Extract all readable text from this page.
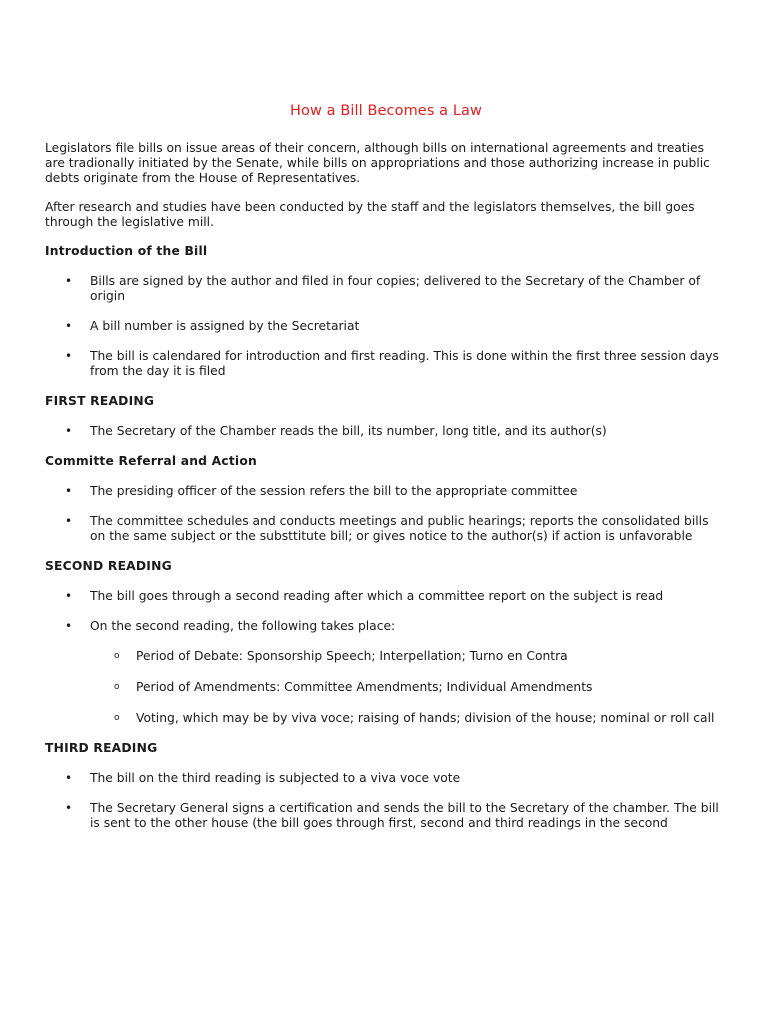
How a Bill Becomes a Law

Legislators file bills on issue areas of their concern, although bills on international agreements and treaties are tradionally initiated by the Senate, while bills on appropriations and those authorizing increase in public debts originate from the House of Representatives.

After research and studies have been conducted by the staff and the legislators themselves, the bill goes through the legislative mill.

Introduction of the Bill
• Bills are signed by the author and filed in four copies; delivered to the Secretary of the Chamber of origin
• A bill number is assigned by the Secretariat
• The bill is calendared for introduction and first reading. This is done within the first three session days from the day it is filed
FIRST READING
• The Secretary of the Chamber reads the bill, its number, long title, and its author(s)
Committe Referral and Action
• The presiding officer of the session refers the bill to the appropriate committee
• The committee schedules and conducts meetings and public hearings; reports the consolidated bills on the same subject or the substtitute bill; or gives notice to the author(s) if action is unfavorable
SECOND READING
• The bill goes through a second reading after which a committee report on the subject is read
• On the second reading, the following takes place:
o Period of Debate: Sponsorship Speech; Interpellation; Turno en Contra
o Period of Amendments: Committee Amendments; Individual Amendments
o Voting, which may be by viva voce; raising of hands; division of the house; nominal or roll call
THIRD READING
• The bill on the third reading is subjected to a viva voce vote
• The Secretary General signs a certification and sends the bill to the Secretary of the chamber. The bill is sent to the other house (the bill goes through first, second and third readings in the second
